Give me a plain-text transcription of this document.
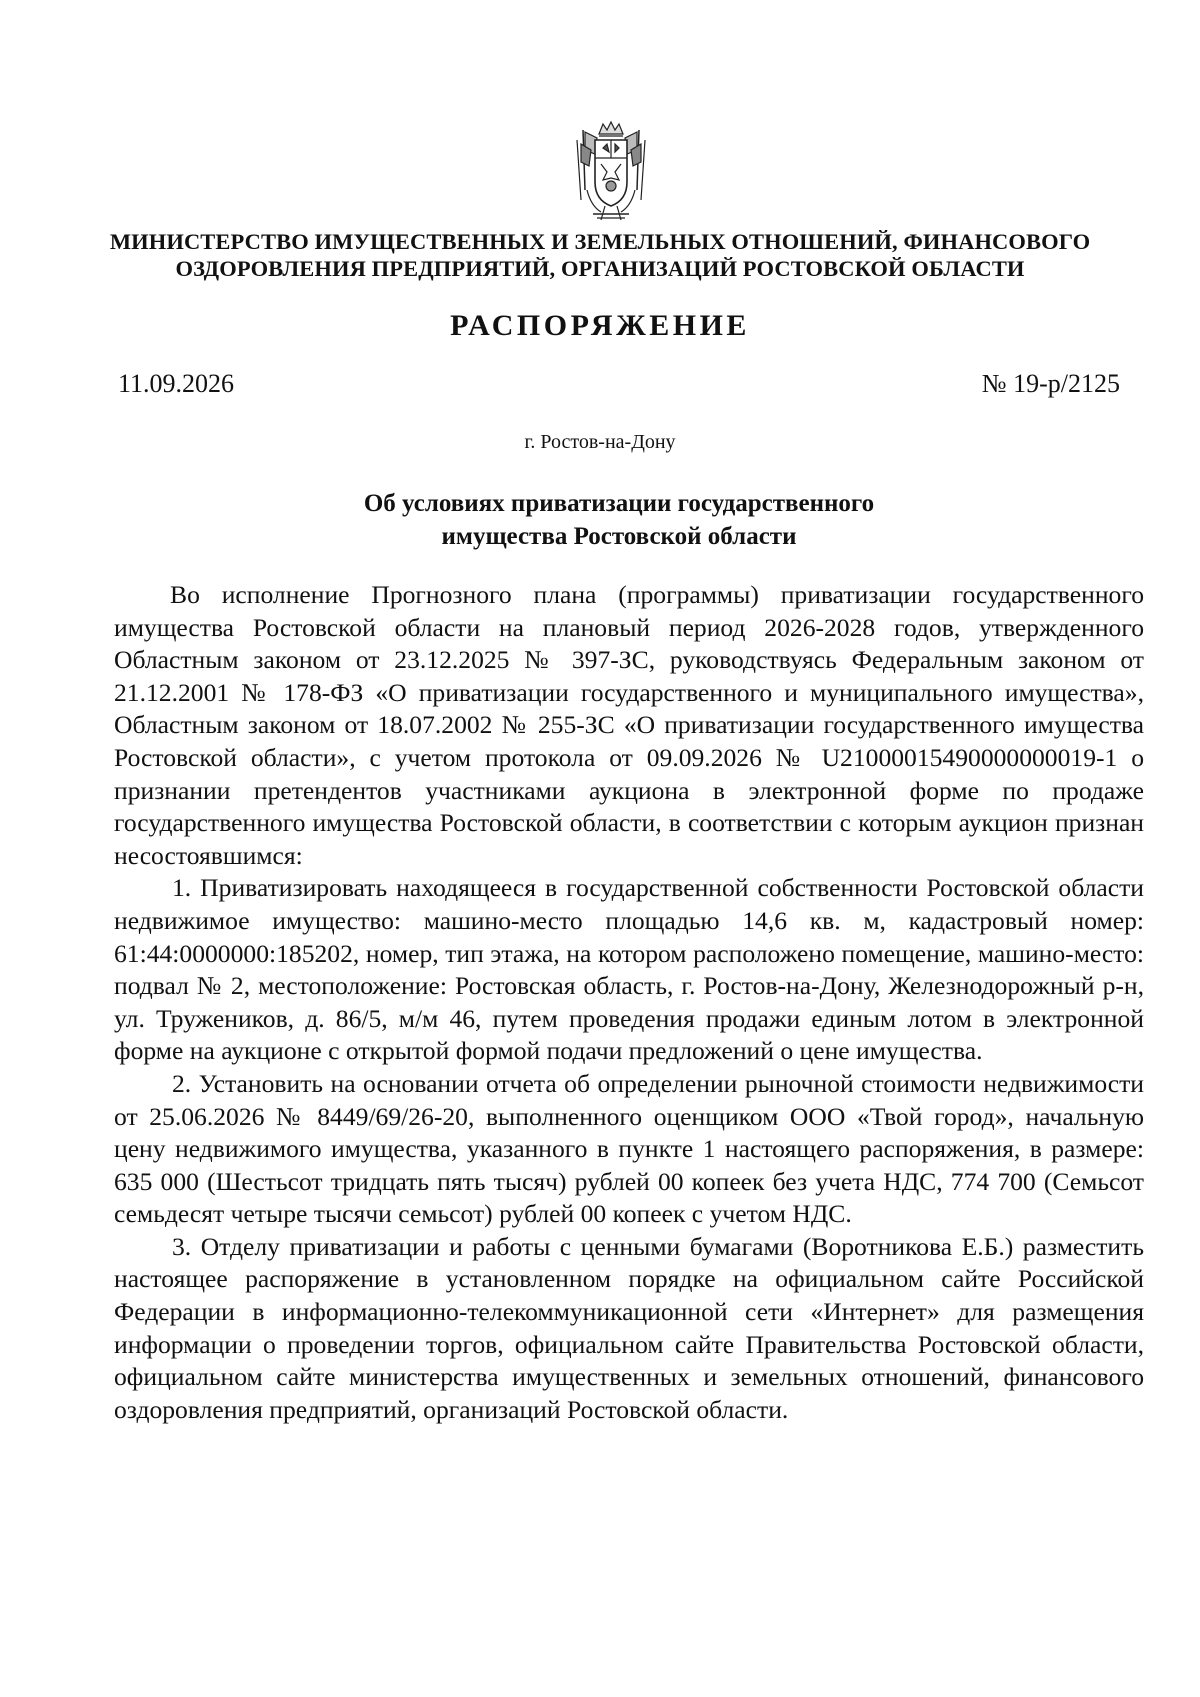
МИНИСТЕРСТВО ИМУЩЕСТВЕННЫХ И ЗЕМЕЛЬНЫХ ОТНОШЕНИЙ, ФИНАНСОВОГО
ОЗДОРОВЛЕНИЯ ПРЕДПРИЯТИЙ, ОРГАНИЗАЦИЙ РОСТОВСКОЙ ОБЛАСТИ
РАСПОРЯЖЕНИЕ
11.09.2026	№ 19-р/2125
г. Ростов-на-Дону
Об условиях приватизации государственного
имущества Ростовской области

Во исполнение Прогнозного плана (программы) приватизации государственного имущества Ростовской области на плановый период 2026-2028 годов, утвержденного Областным законом от 23.12.2025 № 397-ЗС, руководствуясь Федеральным законом от 21.12.2001 № 178-ФЗ «О приватизации государственного и муниципального имущества», Областным законом от 18.07.2002 № 255-ЗС «О приватизации государственного имущества Ростовской области», с учетом протокола от 09.09.2026 № U21000015490000000019-1 о признании претендентов участниками аукциона в электронной форме по продаже государственного имущества Ростовской области, в соответствии с которым аукцион признан несостоявшимся:

1. Приватизировать находящееся в государственной собственности Ростовской области недвижимое имущество: машино-место площадью 14,6 кв. м, кадастровый номер: 61:44:0000000:185202, номер, тип этажа, на котором расположено помещение, машино-место: подвал № 2, местоположение: Ростовская область, г. Ростов-на-Дону, Железнодорожный р-н, ул. Тружеников, д. 86/5, м/м 46, путем проведения продажи единым лотом в электронной форме на аукционе с открытой формой подачи предложений о цене имущества.

2. Установить на основании отчета об определении рыночной стоимости недвижимости от 25.06.2026 № 8449/69/26-20, выполненного оценщиком ООО «Твой город», начальную цену недвижимого имущества, указанного в пункте 1 настоящего распоряжения, в размере: 635 000 (Шестьсот тридцать пять тысяч) рублей 00 копеек без учета НДС, 774 700 (Семьсот семьдесят четыре тысячи семьсот) рублей 00 копеек с учетом НДС.

3. Отделу приватизации и работы с ценными бумагами (Воротникова Е.Б.) разместить настоящее распоряжение в установленном порядке на официальном сайте Российской Федерации в информационно-телекоммуникационной сети «Интернет» для размещения информации о проведении торгов, официальном сайте Правительства Ростовской области, официальном сайте министерства имущественных и земельных отношений, финансового оздоровления предприятий, организаций Ростовской области.
